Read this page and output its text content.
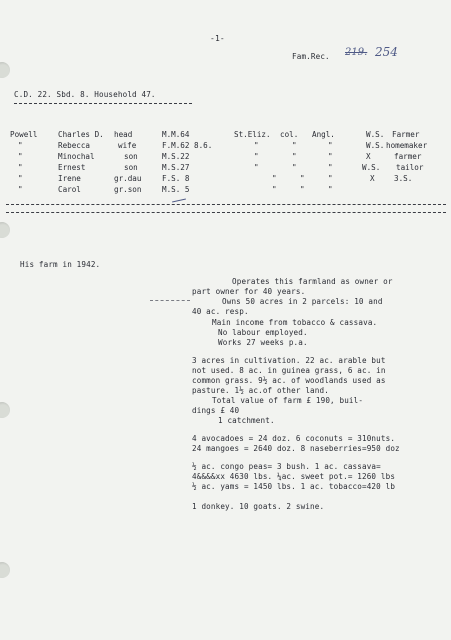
-1-
Fam.Rec. 219. 254
C.D. 22. Sbd. 8. Household 47.
Powell	Charles D. head	M.M.64	St.Eliz. col. Angl.	W.S. Farmer
"	Rebecca	wife	F.M.62 8.6.	"	"	"	W.S. homemaker
"	Minochal	son	M.S.22	"	"	"	X	farmer
"	Ernest	son	M.S.27	"	"	"	W.S. tailor
"	Irene	gr.dau	F.S. 8	"	"	"	X	3.S.
"	Carol	gr.son	M.S. 5	"	"	"
His farm in 1942.
Operates this farmland as owner or
part owner for 40 years.
Owns 50 acres in 2 parcels: 10 and
40 ac. resp.
Main income from tobacco & cassava.
No labour employed.
Works 27 weeks p.a.
3 acres in cultivation. 22 ac. arable but
not used. 8 ac. in guinea grass, 6 ac. in
common grass. 9½ ac. of woodlands used as
pasture. 1½ ac.of other land.
Total value of farm £ 190, buil-
dings £ 40
1 catchment.
4 avocadoes = 24 doz. 6 coconuts = 310nuts.
24 mangoes = 2640 doz. 8 naseberries=950 doz
½ ac. congo peas= 3 bush. 1 ac. cassava=
4&&&&xx 4630 lbs. ¼ac. sweet pot.= 1260 lbs
½ ac. yams = 1450 lbs. 1 ac. tobacco=420 lb
1 donkey. 10 goats. 2 swine.
